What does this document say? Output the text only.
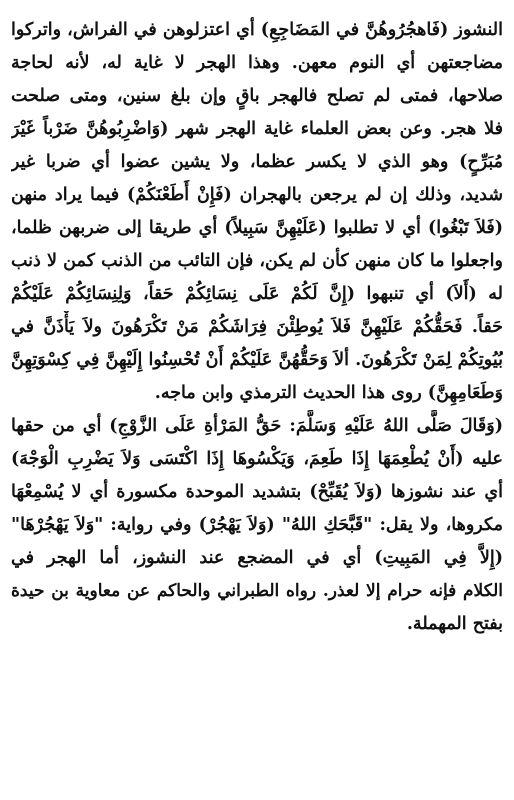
النشوز (فَاهجُرُوهُنَّ في المَضَاجِعِ) أي اعتزلوهن في الفراش، واتركوا
مضاجعتهن أي النوم معهن. وهذا الهجر لا غاية له، لأنه لحاجة
صلاحها، فمتى لم تصلح فالهجر باقٍ وإن بلغ سنين، ومتى صلحت
فلا هجر. وعن بعض العلماء غاية الهجر شهر (وَاضْرِبُوهُنَّ ضَرْباً غَيْرَ
مُبَرِّحٍ) وهو الذي لا يكسر عظما، ولا يشين عضوا أي ضربا غير
شديد، وذلك إن لم يرجعن بالهجران (فَإِنْ أَطَعْنَكُمْ) فيما يراد منهن
(فَلاَ تَبْغُوا) أي لا تطلبوا (عَلَيْهِنَّ سَبِيلاً) أي طريقا إلى ضربهن ظلما،
واجعلوا ما كان منهن كأن لم يكن، فإن التائب من الذنب كمن لا ذنب
له (أَلاَ) أي تنبهوا (إِنَّ لَكُمْ عَلَى نِسَائِكُمْ حَقاً، وَلِنِسَائِكُمْ عَلَيْكُمْ
حَقاً. فَحَقُّكُمْ عَلَيْهِنَّ فَلاَ يُوطِئْنَ فِرَاشَكُمْ مَنْ تَكْرَهُونَ ولاَ يَأْذَنَّ في
بُيُوتِكُمْ لِمَنْ تَكْرَهُونَ. ألاَ وَحَقُّهُنَّ عَلَيْكُمْ أَنْ تُحْسِنُوا إِلَيْهِنَّ فِي كِسْوَتِهِنَّ
وَطَعَامِهِنَّ) روى هذا الحديث الترمذي وابن ماجه.
(وَقَالَ صَلَّى اللهُ عَلَيْهِ وَسَلَّمَ: حَقُّ المَرْأةِ عَلَى الزَّوْجِ) أي من حقها
عليه (أَنْ يُطْعِمَهَا إِذَا طَعِمَ، وَيَكْسُوهَا إِذَا اكْتَسَى وَلاَ يَضْرِبِ الْوَجْهَ)
أي عند نشوزها (وَلاَ يُقَبِّحْ) بتشديد الموحدة مكسورة أي لا يُسْمِعْهَا
مكروها، ولا يقل: "قَبَّحَكِ اللهُ" (وَلاَ يَهْجُرْ) وفي رواية: "وَلاَ يَهْجُرْهَا"
(إِلاَّ فِي المَبِيتِ) أي في المضجع عند النشوز، أما الهجر في
الكلام فإنه حرام إلا لعذر. رواه الطبراني والحاكم عن معاوية بن حيدة
بفتح المهملة.
